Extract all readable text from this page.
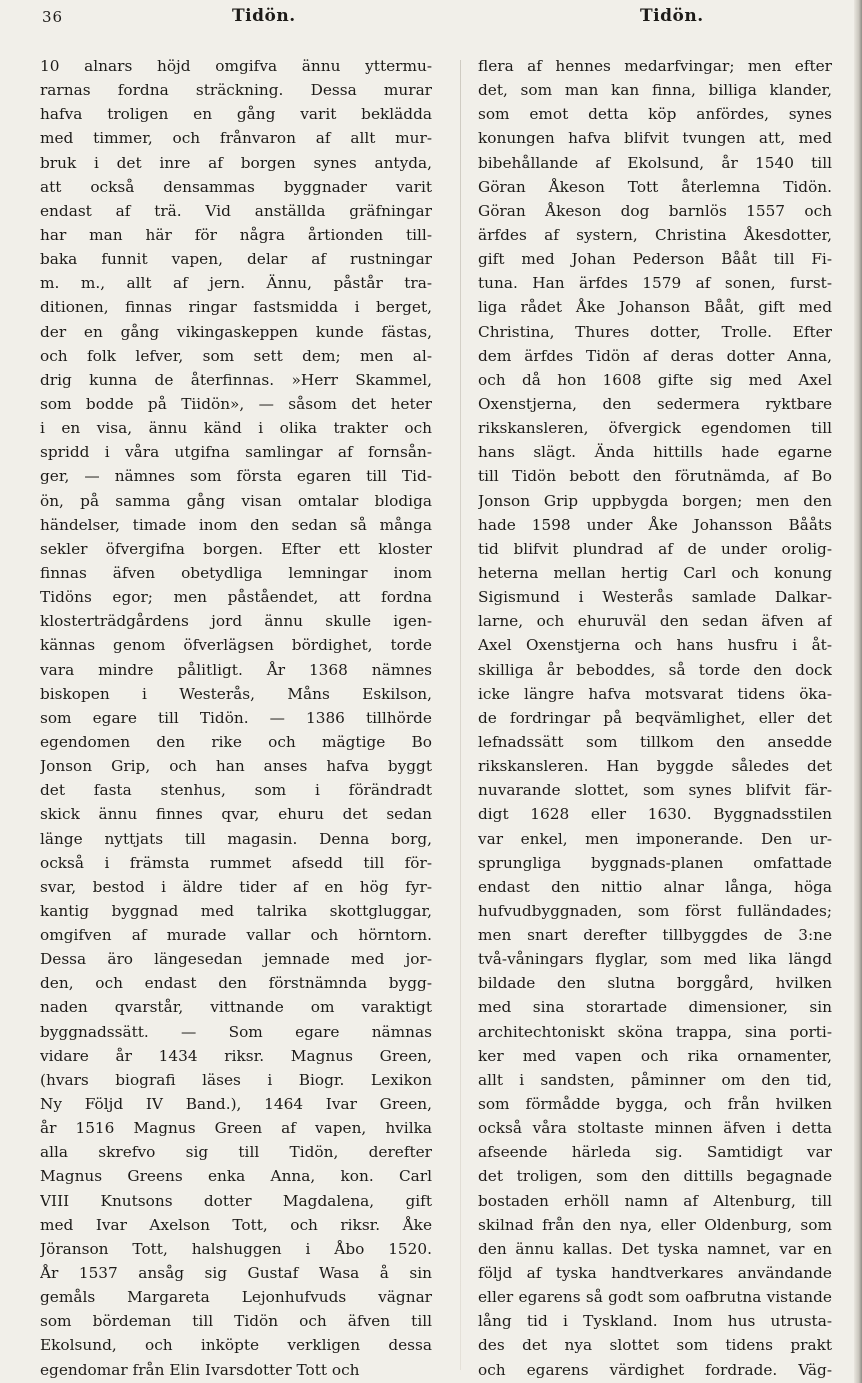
36	Tidön.	Tidön.
10 alnars höjd omgifva ännu yttermu-
rarnas fordna sträckning. Dessa murar
hafva troligen en gång varit beklädda
med timmer, och frånvaron af allt mur-
bruk i det inre af borgen synes antyda,
att också densammas byggnader varit
endast af trä. Vid anställda gräfningar
har man här för några årtionden till-
baka funnit vapen, delar af rustningar
m. m., allt af jern. Ännu, påstår tra-
ditionen, finnas ringar fastsmidda i berget,
der en gång vikingaskeppen kunde fästas,
och folk lefver, som sett dem; men al-
drig kunna de återfinnas. »Herr Skammel,
som bodde på Tiidön», — såsom det heter
i en visa, ännu känd i olika trakter och
spridd i våra utgifna samlingar af fornsån-
ger, — nämnes som första egaren till Tid-
ön, på samma gång visan omtalar blodiga
händelser, timade inom den sedan så många
sekler öfvergifna borgen. Efter ett kloster
finnas äfven obetydliga lemningar inom
Tidöns egor; men påståendet, att fordna
klosterträdgårdens jord ännu skulle igen-
kännas genom öfverlägsen bördighet, torde
vara mindre pålitligt. År 1368 nämnes
biskopen i Westerås, Måns Eskilson,
som egare till Tidön. — 1386 tillhörde
egendomen den rike och mägtige Bo
Jonson Grip, och han anses hafva byggt
det fasta stenhus, som i förändradt
skick ännu finnes qvar, ehuru det sedan
länge nyttjats till magasin. Denna borg,
också i främsta rummet afsedd till för-
svar, bestod i äldre tider af en hög fyr-
kantig byggnad med talrika skottgluggar,
omgifven af murade vallar och hörntorn.
Dessa äro längesedan jemnade med jor-
den, och endast den förstnämnda bygg-
naden qvarstår, vittnande om varaktigt
byggnadssätt. — Som egare nämnas
vidare år 1434 riksr. Magnus Green,
(hvars biografi läses i Biogr. Lexikon
Ny Följd IV Band.), 1464 Ivar Green,
år 1516 Magnus Green af vapen, hvilka
alla skrefvo sig till Tidön, derefter
Magnus Greens enka Anna, kon. Carl
VIII Knutsons dotter Magdalena, gift
med Ivar Axelson Tott, och riksr. Åke
Jöranson Tott, halshuggen i Åbo 1520.
År 1537 ansåg sig Gustaf Wasa å sin
gemåls Margareta Lejonhufvuds vägnar
som bördeman till Tidön och äfven till
Ekolsund, och inköpte verkligen dessa
egendomar från Elin Ivarsdotter Tott och
flera af hennes medarfvingar; men efter
det, som man kan finna, billiga klander,
som emot detta köp anfördes, synes
konungen hafva blifvit tvungen att, med
bibehållande af Ekolsund, år 1540 till
Göran Åkeson Tott återlemna Tidön.
Göran Åkeson dog barnlös 1557 och
ärfdes af systern, Christina Åkesdotter,
gift med Johan Pederson Bååt till Fi-
tuna. Han ärfdes 1579 af sonen, furst-
liga rådet Åke Johanson Bååt, gift med
Christina, Thures dotter, Trolle. Efter
dem ärfdes Tidön af deras dotter Anna,
och då hon 1608 gifte sig med Axel
Oxenstjerna, den sedermera ryktbare
rikskansleren, öfvergick egendomen till
hans slägt. Ända hittills hade egarne
till Tidön bebott den förutnämda, af Bo
Jonson Grip uppbygda borgen; men den
hade 1598 under Åke Johansson Bååts
tid blifvit plundrad af de under orolig-
heterna mellan hertig Carl och konung
Sigismund i Westerås samlade Dalkar-
larne, och ehuruväl den sedan äfven af
Axel Oxenstjerna och hans husfru i åt-
skilliga år beboddes, så torde den dock
icke längre hafva motsvarat tidens öka-
de fordringar på beqvämlighet, eller det
lefnadssätt som tillkom den ansedde
rikskansleren. Han byggde således det
nuvarande slottet, som synes blifvit fär-
digt 1628 eller 1630. Byggnadsstilen
var enkel, men imponerande. Den ur-
sprungliga byggnads-planen omfattade
endast den nittio alnar långa, höga
hufvudbyggnaden, som först fulländades;
men snart derefter tillbyggdes de 3:ne
två-våningars flyglar, som med lika längd
bildade den slutna borggård, hvilken
med sina storartade dimensioner, sin
architechtoniskt sköna trappa, sina porti-
ker med vapen och rika ornamenter,
allt i sandsten, påminner om den tid,
som förmådde bygga, och från hvilken
också våra stoltaste minnen äfven i detta
afseende härleda sig. Samtidigt var
det troligen, som den dittills begagnade
bostaden erhöll namn af Altenburg, till
skilnad från den nya, eller Oldenburg, som
den ännu kallas. Det tyska namnet, var en
följd af tyska handtverkares användande
eller egarens så godt som oafbrutna vistande
lång tid i Tyskland. Inom hus utrusta-
des det nya slottet som tidens prakt
och egarens värdighet fordrade. Väg-
